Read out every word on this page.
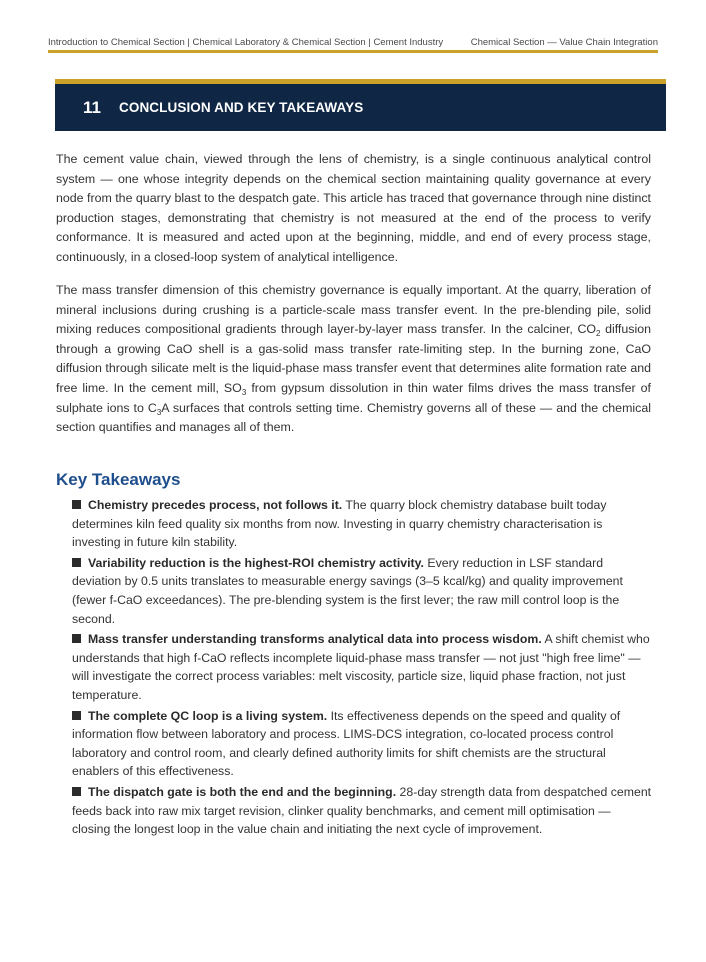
Introduction to Chemical Section | Chemical Laboratory & Chemical Section | Cement Industry	Chemical Section — Value Chain Integration
11	CONCLUSION AND KEY TAKEAWAYS

The cement value chain, viewed through the lens of chemistry, is a single continuous analytical control system — one whose integrity depends on the chemical section maintaining quality governance at every node from the quarry blast to the despatch gate. This article has traced that governance through nine distinct production stages, demonstrating that chemistry is not measured at the end of the process to verify conformance. It is measured and acted upon at the beginning, middle, and end of every process stage, continuously, in a closed-loop system of analytical intelligence.

The mass transfer dimension of this chemistry governance is equally important. At the quarry, liberation of mineral inclusions during crushing is a particle-scale mass transfer event. In the pre-blending pile, solid mixing reduces compositional gradients through layer-by-layer mass transfer. In the calciner, $CO_2$ diffusion through a growing CaO shell is a gas-solid mass transfer rate-limiting step. In the burning zone, CaO diffusion through silicate melt is the liquid-phase mass transfer event that determines alite formation rate and free lime. In the cement mill, $SO_3$ from gypsum dissolution in thin water films drives the mass transfer of sulphate ions to $C_3A$ surfaces that controls setting time. Chemistry governs all of these — and the chemical section quantifies and manages all of them.

Key Takeaways
Chemistry precedes process, not follows it. The quarry block chemistry database built today determines kiln feed quality six months from now. Investing in quarry chemistry characterisation is investing in future kiln stability.
Variability reduction is the highest-ROI chemistry activity. Every reduction in LSF standard deviation by 0.5 units translates to measurable energy savings (3–5 kcal/kg) and quality improvement (fewer f-CaO exceedances). The pre-blending system is the first lever; the raw mill control loop is the second.
Mass transfer understanding transforms analytical data into process wisdom. A shift chemist who understands that high f-CaO reflects incomplete liquid-phase mass transfer — not just "high free lime" — will investigate the correct process variables: melt viscosity, particle size, liquid phase fraction, not just temperature.
The complete QC loop is a living system. Its effectiveness depends on the speed and quality of information flow between laboratory and process. LIMS-DCS integration, co-located process control laboratory and control room, and clearly defined authority limits for shift chemists are the structural enablers of this effectiveness.
The dispatch gate is both the end and the beginning. 28-day strength data from despatched cement feeds back into raw mix target revision, clinker quality benchmarks, and cement mill optimisation — closing the longest loop in the value chain and initiating the next cycle of improvement.
